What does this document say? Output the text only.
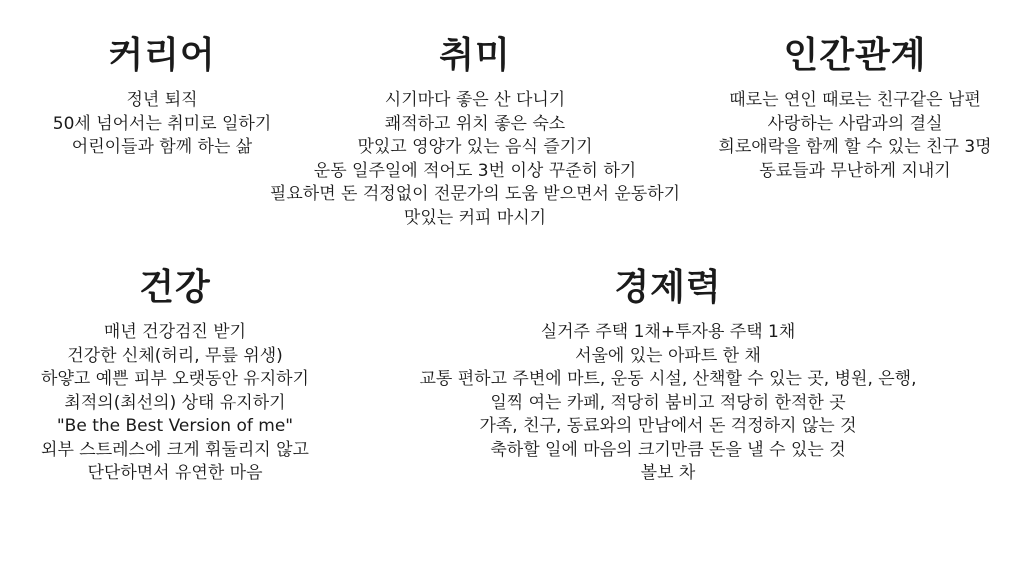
커리어
정년 퇴직
50세 넘어서는 취미로 일하기
어린이들과 함께 하는 삶
취미
시기마다 좋은 산 다니기
쾌적하고 위치 좋은 숙소
맛있고 영양가 있는 음식 즐기기
운동 일주일에 적어도 3번 이상 꾸준히 하기
필요하면 돈 걱정없이 전문가의 도움 받으면서 운동하기
맛있는 커피 마시기
인간관계
때로는 연인 때로는 친구같은 남편
사랑하는 사람과의 결실
희로애락을 함께 할 수 있는 친구 3명
동료들과 무난하게 지내기
건강
매년 건강검진 받기
건강한 신체(허리, 무릎 위생)
하얗고 예쁜 피부 오랫동안 유지하기
최적의(최선의) 상태 유지하기
"Be the Best Version of me"
외부 스트레스에 크게 휘둘리지 않고
단단하면서 유연한 마음
경제력
실거주 주택 1채+투자용 주택 1채
서울에 있는 아파트 한 채
교통 편하고 주변에 마트, 운동 시설, 산책할 수 있는 곳, 병원, 은행,
일찍 여는 카페, 적당히 붐비고 적당히 한적한 곳
가족, 친구, 동료와의 만남에서 돈 걱정하지 않는 것
축하할 일에 마음의 크기만큼 돈을 낼 수 있는 것
볼보 차
